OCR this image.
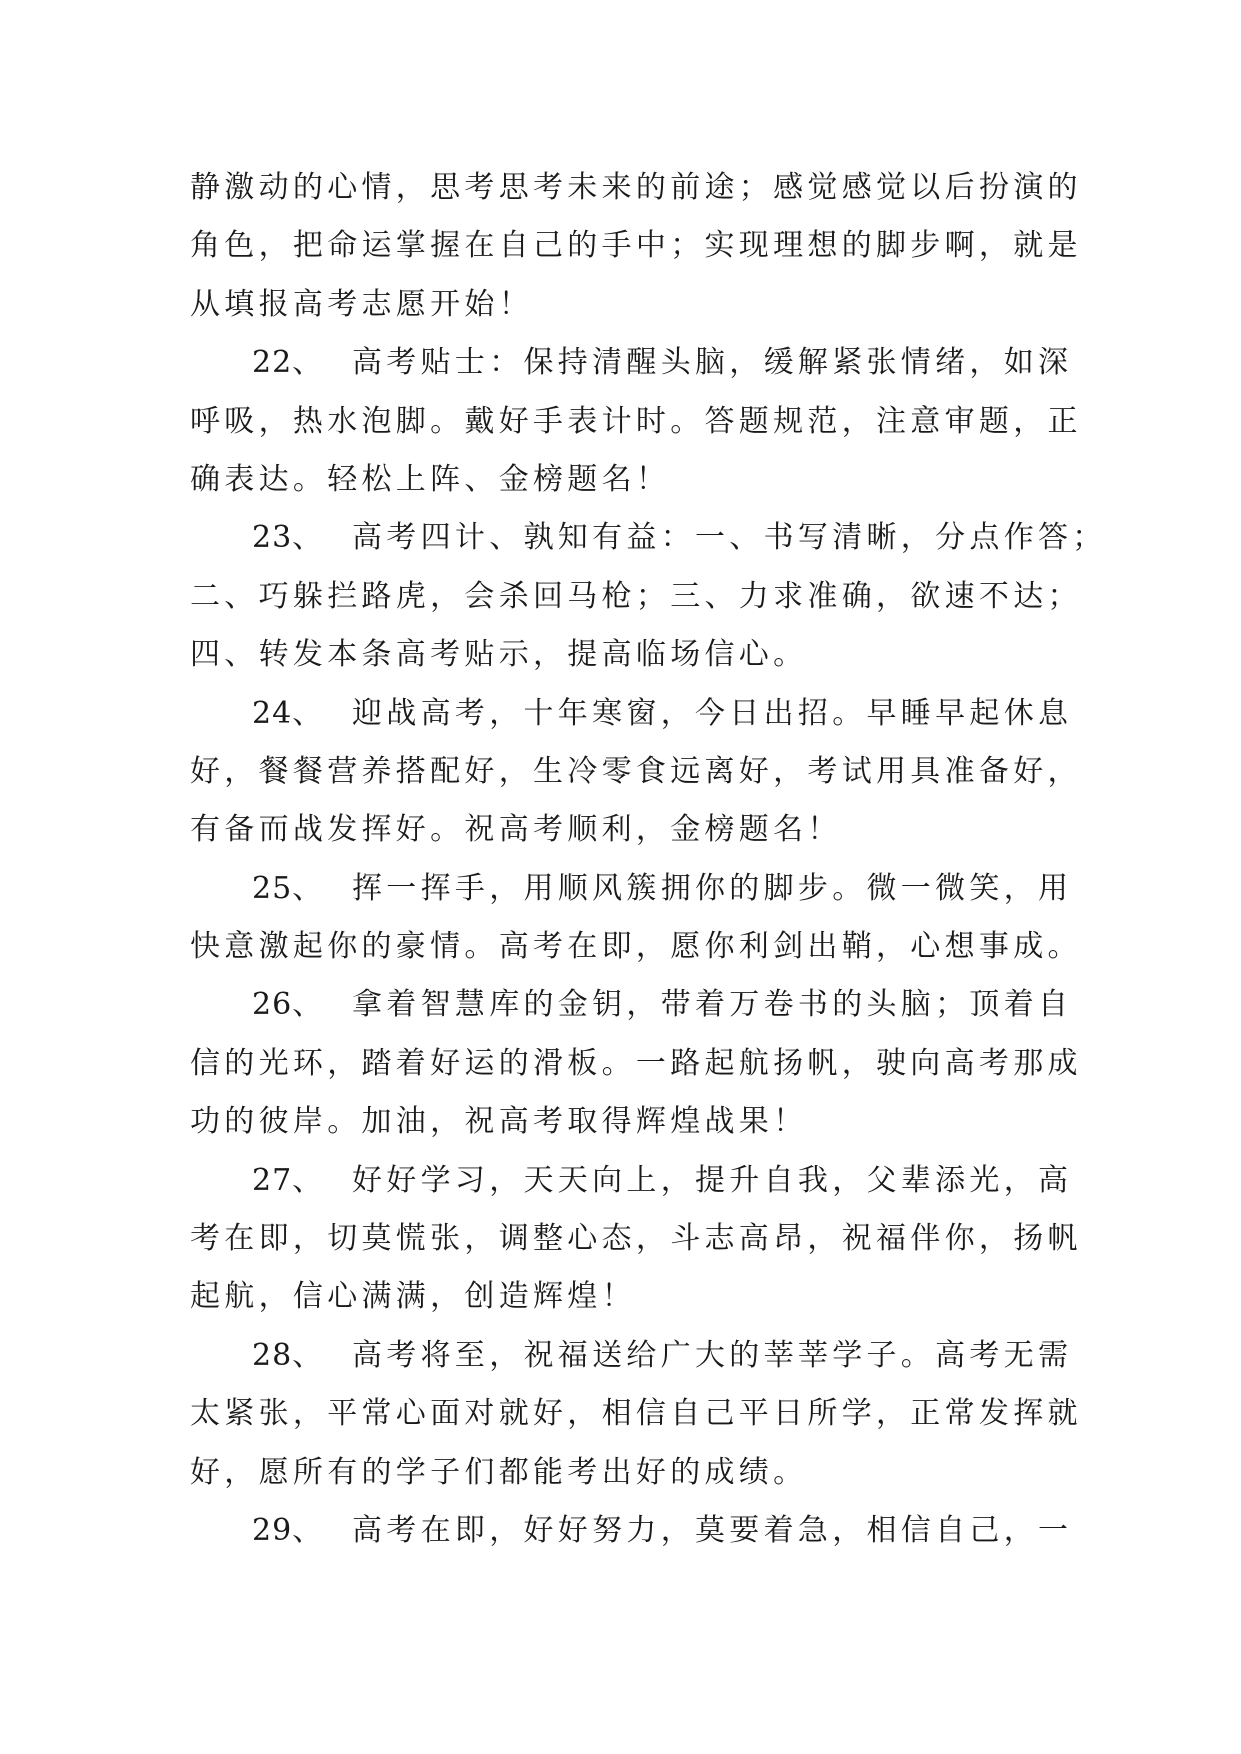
静激动的心情，思考思考未来的前途；感觉感觉以后扮演的
角色，把命运掌握在自己的手中；实现理想的脚步啊，就是
从填报高考志愿开始！
22、 高考贴士：保持清醒头脑，缓解紧张情绪，如深
呼吸，热水泡脚。戴好手表计时。答题规范，注意审题，正
确表达。轻松上阵、金榜题名！
23、 高考四计、孰知有益：一、书写清晰，分点作答；
二、巧躲拦路虎，会杀回马枪；三、力求准确，欲速不达；
四、转发本条高考贴示，提高临场信心。
24、 迎战高考，十年寒窗，今日出招。早睡早起休息
好，餐餐营养搭配好，生冷零食远离好，考试用具准备好，
有备而战发挥好。祝高考顺利，金榜题名！
25、 挥一挥手，用顺风簇拥你的脚步。微一微笑，用
快意激起你的豪情。高考在即，愿你利剑出鞘，心想事成。
26、 拿着智慧库的金钥，带着万卷书的头脑；顶着自
信的光环，踏着好运的滑板。一路起航扬帆，驶向高考那成
功的彼岸。加油，祝高考取得辉煌战果！
27、 好好学习，天天向上，提升自我，父辈添光，高
考在即，切莫慌张，调整心态，斗志高昂，祝福伴你，扬帆
起航，信心满满，创造辉煌！
28、 高考将至，祝福送给广大的莘莘学子。高考无需
太紧张，平常心面对就好，相信自己平日所学，正常发挥就
好，愿所有的学子们都能考出好的成绩。
29、 高考在即，好好努力，莫要着急，相信自己，一
